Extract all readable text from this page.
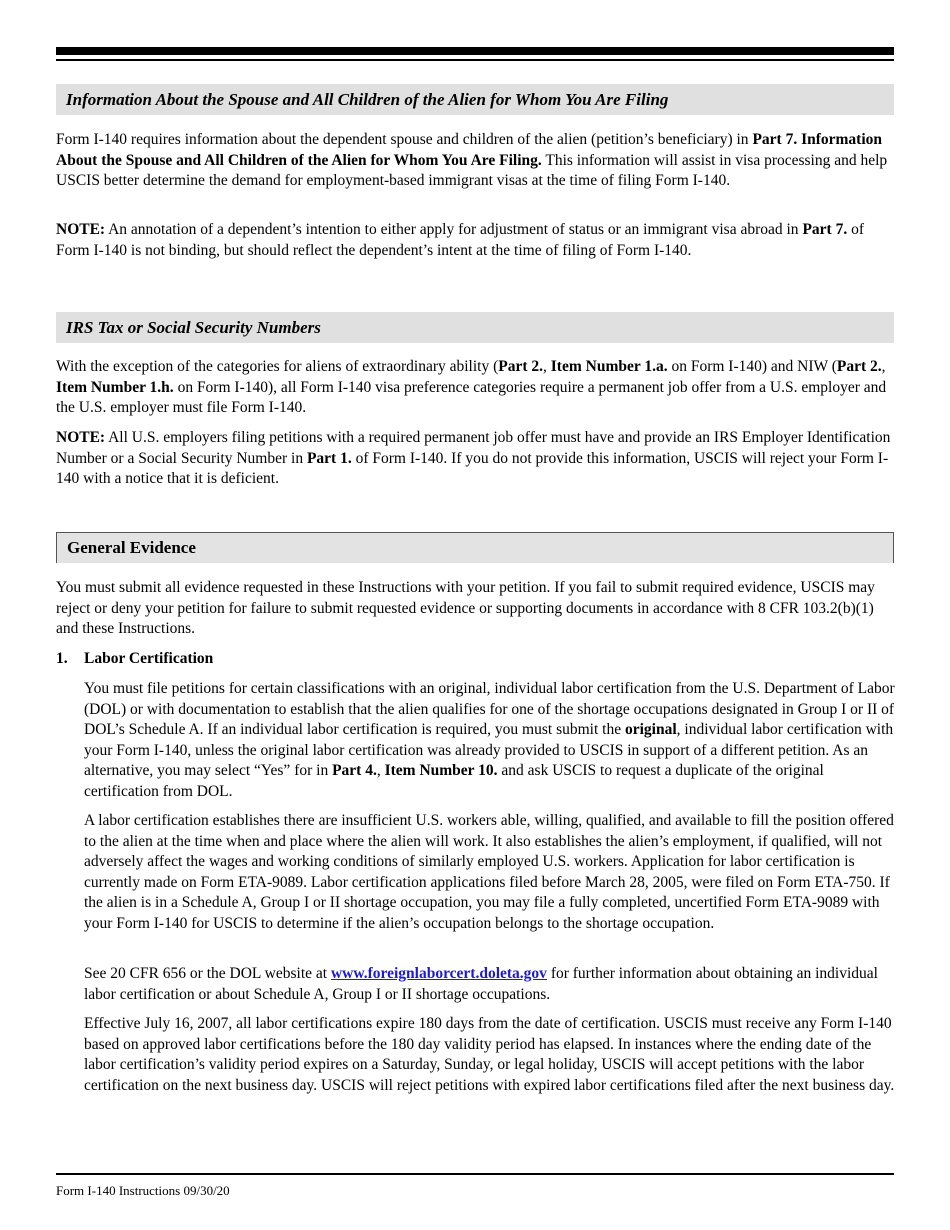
Information About the Spouse and All Children of the Alien for Whom You Are Filing

Form I-140 requires information about the dependent spouse and children of the alien (petition’s beneficiary) in Part 7. Information About the Spouse and All Children of the Alien for Whom You Are Filing. This information will assist in visa processing and help USCIS better determine the demand for employment-based immigrant visas at the time of filing Form I-140.

NOTE: An annotation of a dependent’s intention to either apply for adjustment of status or an immigrant visa abroad in Part 7. of Form I-140 is not binding, but should reflect the dependent’s intent at the time of filing of Form I-140.

IRS Tax or Social Security Numbers

With the exception of the categories for aliens of extraordinary ability (Part 2., Item Number 1.a. on Form I-140) and NIW (Part 2., Item Number 1.h. on Form I-140), all Form I-140 visa preference categories require a permanent job offer from a U.S. employer and the U.S. employer must file Form I-140.

NOTE: All U.S. employers filing petitions with a required permanent job offer must have and provide an IRS Employer Identification Number or a Social Security Number in Part 1. of Form I-140. If you do not provide this information, USCIS will reject your Form I-140 with a notice that it is deficient.

General Evidence

You must submit all evidence requested in these Instructions with your petition. If you fail to submit required evidence, USCIS may reject or deny your petition for failure to submit requested evidence or supporting documents in accordance with 8 CFR 103.2(b)(1) and these Instructions.

1. Labor Certification

You must file petitions for certain classifications with an original, individual labor certification from the U.S. Department of Labor (DOL) or with documentation to establish that the alien qualifies for one of the shortage occupations designated in Group I or II of DOL’s Schedule A. If an individual labor certification is required, you must submit the original, individual labor certification with your Form I-140, unless the original labor certification was already provided to USCIS in support of a different petition. As an alternative, you may select “Yes” for in Part 4., Item Number 10. and ask USCIS to request a duplicate of the original certification from DOL.

A labor certification establishes there are insufficient U.S. workers able, willing, qualified, and available to fill the position offered to the alien at the time when and place where the alien will work. It also establishes the alien’s employment, if qualified, will not adversely affect the wages and working conditions of similarly employed U.S. workers. Application for labor certification is currently made on Form ETA-9089. Labor certification applications filed before March 28, 2005, were filed on Form ETA-750. If the alien is in a Schedule A, Group I or II shortage occupation, you may file a fully completed, uncertified Form ETA-9089 with your Form I-140 for USCIS to determine if the alien’s occupation belongs to the shortage occupation.

See 20 CFR 656 or the DOL website at www.foreignlaborcert.doleta.gov for further information about obtaining an individual labor certification or about Schedule A, Group I or II shortage occupations.

Effective July 16, 2007, all labor certifications expire 180 days from the date of certification. USCIS must receive any Form I-140 based on approved labor certifications before the 180 day validity period has elapsed. In instances where the ending date of the labor certification’s validity period expires on a Saturday, Sunday, or legal holiday, USCIS will accept petitions with the labor certification on the next business day. USCIS will reject petitions with expired labor certifications filed after the next business day.

Form I-140 Instructions 09/30/20
